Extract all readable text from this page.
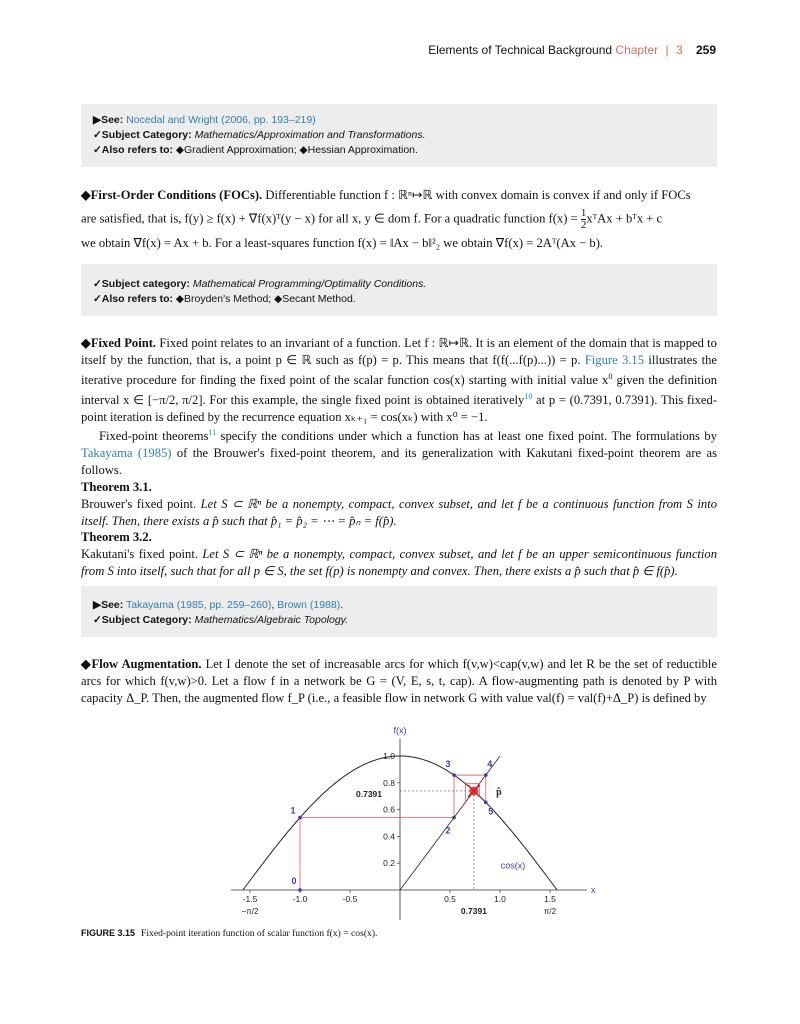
Elements of Technical Background Chapter | 3 259

▶See: Nocedal and Wright (2006, pp. 193–219)

✓Subject Category: Mathematics/Approximation and Transformations.

✓Also refers to: ◆Gradient Approximation; ◆Hessian Approximation.

◆First-Order Conditions (FOCs). Differentiable function f : ℝⁿ↦ℝ with convex domain is convex if and only if FOCs

are satisfied, that is, f(y) ≥ f(x) + ∇f(x)ᵀ(y − x) for all x, y ∈ dom f. For a quadratic function $f(x) = \frac{1}{2}$ xᵀAx + bᵀx + c

we obtain ∇f(x) = Ax + b. For a least-squares function f(x) = ‖Ax − b‖²₂ we obtain ∇f(x) = 2Aᵀ(Ax − b).

✓Subject category: Mathematical Programming/Optimality Conditions.

✓Also refers to: ◆Broyden's Method; ◆Secant Method.

◆Fixed Point. Fixed point relates to an invariant of a function. Let f : ℝ↦ℝ. It is an element of the domain that is mapped to itself by the function, that is, a point p ∈ ℝ such as f(p) = p. This means that f(f(...f(p)...)) = p. Figure 3.15 illustrates the iterative procedure for finding the fixed point of the scalar function cos(x) starting with initial value $x^0$ given the definition interval x ∈ [−π/2, π/2]. For this example, the single fixed point is obtained iteratively$^{10}$ at p = (0.7391, 0.7391). This fixed-point iteration is defined by the recurrence equation xₖ₊₁ = cos(xₖ) with x⁰ = −1.

Fixed-point theorems$^{11}$ specify the conditions under which a function has at least one fixed point. The formulations by Takayama (1985) of the Brouwer's fixed-point theorem, and its generalization with Kakutani fixed-point theorem are as follows.

Theorem 3.1.

Brouwer's fixed point. Let S ⊂ ℝⁿ be a nonempty, compact, convex subset, and let f be a continuous function from S into itself. Then, there exists a p̂ such that p̂₁ = p̂₂ = ⋯ = p̂ₙ = f(p̂).

Theorem 3.2.

Kakutani's fixed point. Let S ⊂ ℝⁿ be a nonempty, compact, convex subset, and let f be an upper semicontinuous function from S into itself, such that for all p ∈ S, the set f(p) is nonempty and convex. Then, there exists a p̂ such that p̂ ∈ f(p̂).

▶See: Takayama (1985, pp. 259–260), Brown (1988).

✓Subject Category: Mathematics/Algebraic Topology.

◆Flow Augmentation. Let I denote the set of increasable arcs for which f(v,w)<cap(v,w) and let R be the set of reductible arcs for which f(v,w)>0. Let a flow f in a network be G = (V, E, s, t, cap). A flow-augmenting path is denoted by P with capacity Δ_P. Then, the augmented flow f_P (i.e., a feasible flow in network G with value val(f) = val(f)+Δ_P) is defined by

x
f(x)
-1.5	-1.0	-0.5	0.5	1.0	1.5
−π/2	0.7391	π/2
0.2
0.4
0.6
0.8
1.0
0.7391
cos(x)
0
1
2
3	4
5
p̂
FIGURE 3.15 Fixed-point iteration function of scalar function f(x) = cos(x).
